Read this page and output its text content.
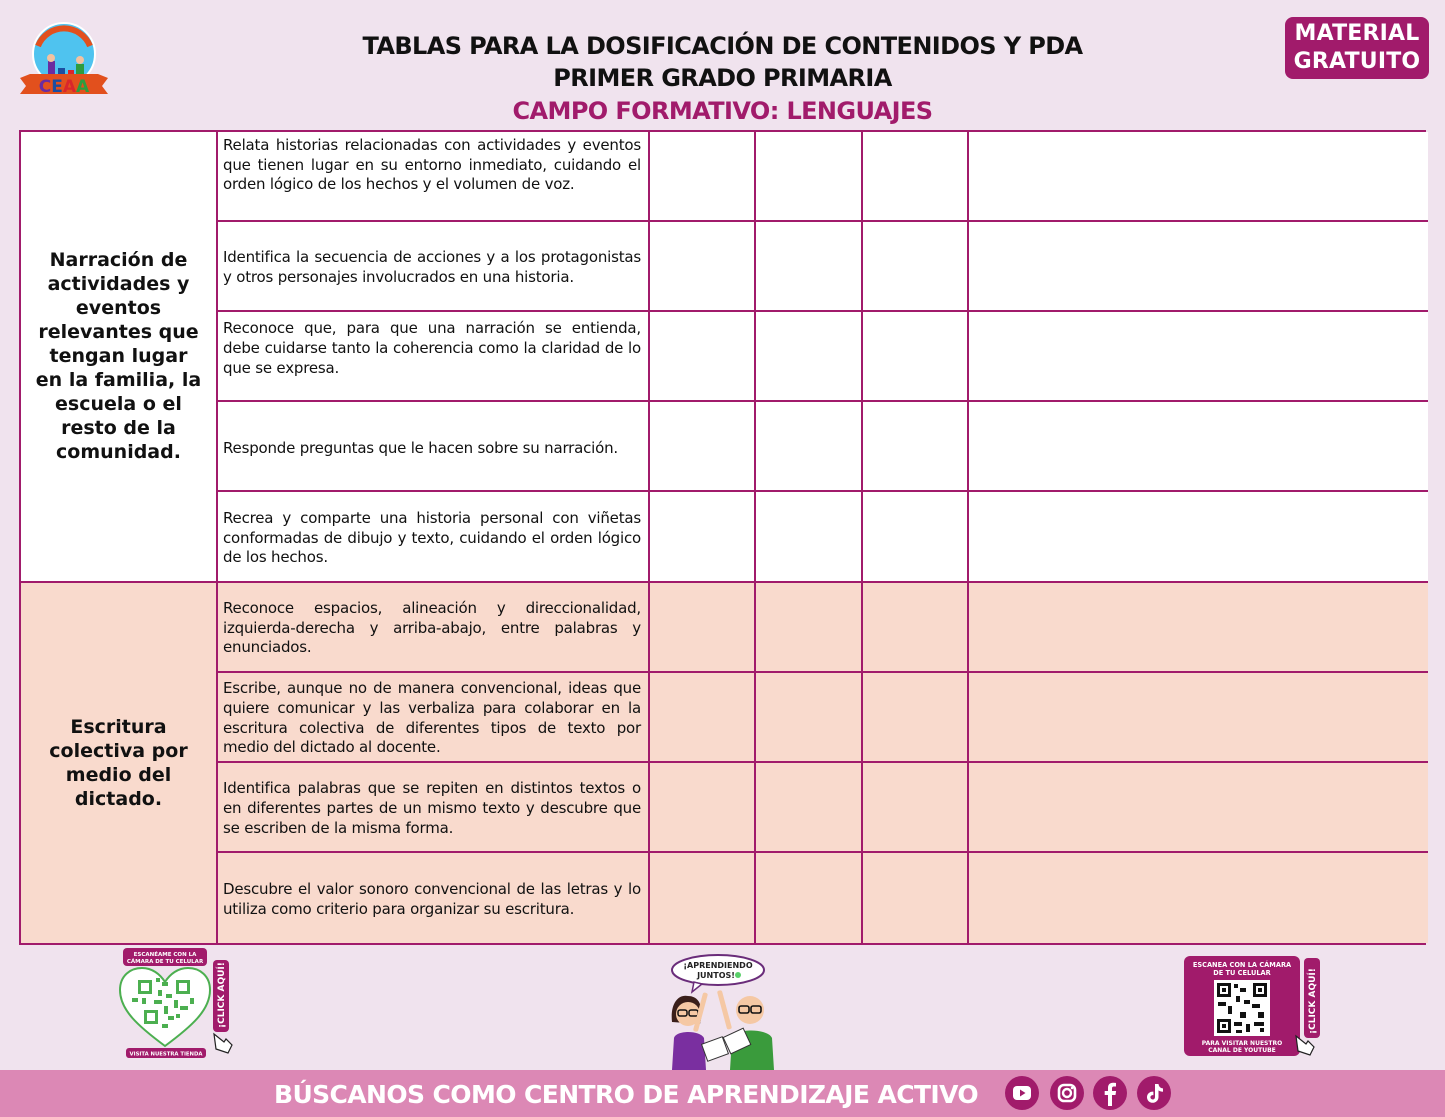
CEAA
TABLAS PARA LA DOSIFICACIÓN DE CONTENIDOS Y PDA
PRIMER GRADO PRIMARIA
CAMPO FORMATIVO: LENGUAJES
MATERIAL
GRATUITO
Narración de actividades y eventos relevantes que tengan lugar en la familia, la escuela o el resto de la comunidad.
Relata historias relacionadas con actividades y eventos que tienen lugar en su entorno inmediato, cuidando el orden lógico de los hechos y el volumen de voz.
Identifica la secuencia de acciones y a los protagonistas y otros personajes involucrados en una historia.
Reconoce que, para que una narración se entienda, debe cuidarse tanto la coherencia como la claridad de lo que se expresa.
Responde preguntas que le hacen sobre su narración.
Recrea y comparte una historia personal con viñetas conformadas de dibujo y texto, cuidando el orden lógico de los hechos.
Escritura colectiva por medio del dictado.
Reconoce espacios, alineación y direccionalidad, izquierda-derecha y arriba-abajo, entre palabras y enunciados.
Escribe, aunque no de manera convencional, ideas que quiere comunicar y las verbaliza para colaborar en la escritura colectiva de diferentes tipos de texto por medio del dictado al docente.
Identifica palabras que se repiten en distintos textos o en diferentes partes de un mismo texto y descubre que se escriben de la misma forma.
Descubre el valor sonoro convencional de las letras y lo utiliza como criterio para organizar su escritura.
ESCANÉAME CON LA
CÁMARA DE TU CELULAR
VISITA NUESTRA TIENDA
¡CLICK AQUÍ!	¡APRENDIENDO
JUNTOS!
ESCANEA CON LA CÁMARA
DE TU CELULAR
PARA VISITAR NUESTRO
CANAL DE YOUTUBE
¡CLICK AQUÍ!
BÚSCANOS COMO CENTRO DE APRENDIZAJE ACTIVO
